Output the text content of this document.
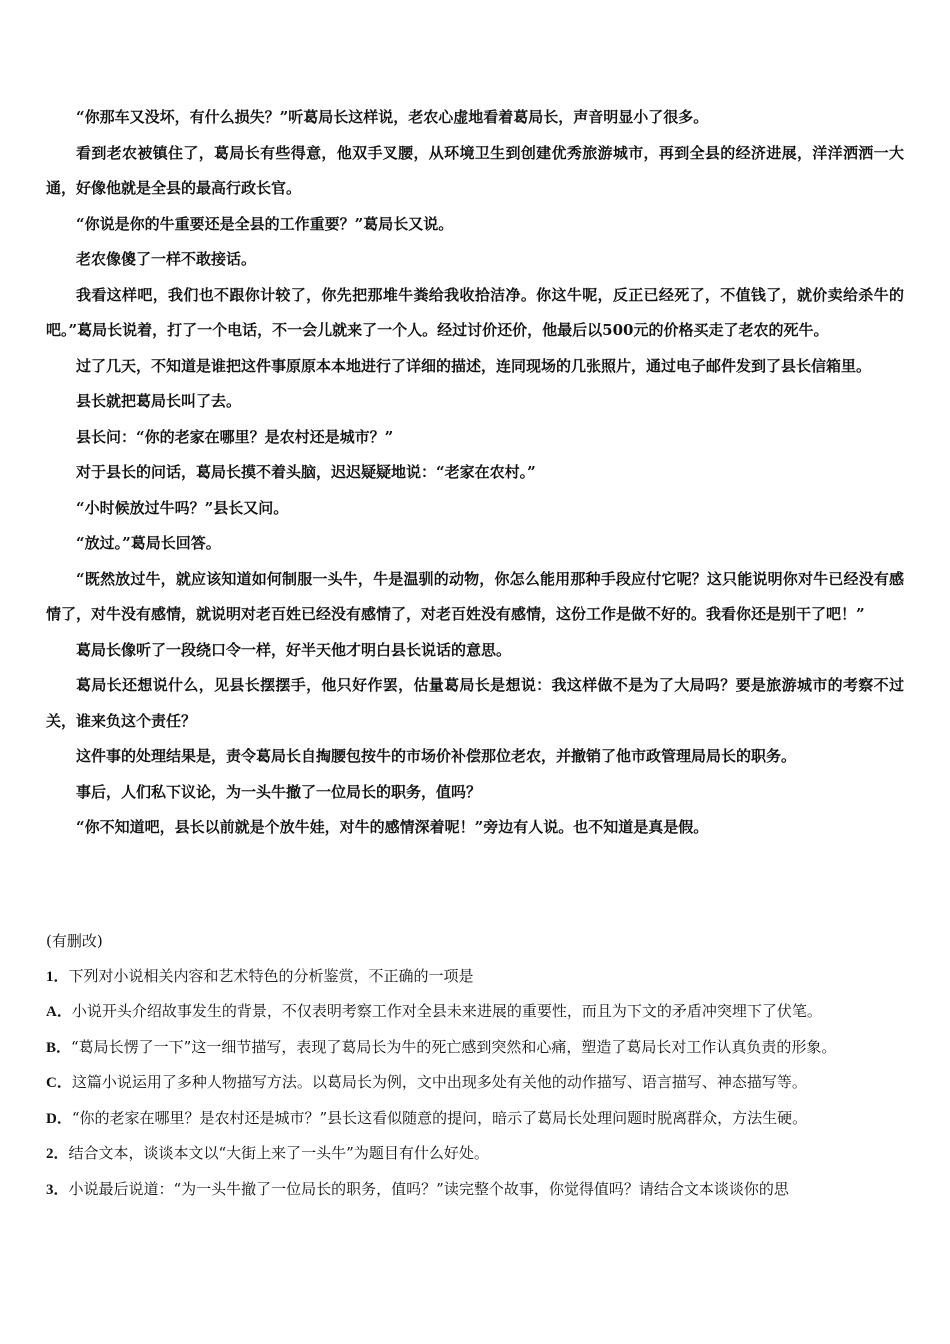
“你那车又没坏，有什么损失？”听葛局长这样说，老农心虚地看着葛局长，声音明显小了很多。

看到老农被镇住了，葛局长有些得意，他双手叉腰，从环境卫生到创建优秀旅游城市，再到全县的经济进展，洋洋洒洒一大通，好像他就是全县的最高行政长官。

“你说是你的牛重要还是全县的工作重要？”葛局长又说。

老农像傻了一样不敢接话。

我看这样吧，我们也不跟你计较了，你先把那堆牛粪给我收拾洁净。你这牛呢，反正已经死了，不值钱了，就价卖给杀牛的吧。”葛局长说着，打了一个电话，不一会儿就来了一个人。经过讨价还价，他最后以500元的价格买走了老农的死牛。

过了几天，不知道是谁把这件事原原本本地进行了详细的描述，连同现场的几张照片，通过电子邮件发到了县长信箱里。

县长就把葛局长叫了去。

县长问：“你的老家在哪里？是农村还是城市？”

对于县长的问话，葛局长摸不着头脑，迟迟疑疑地说：“老家在农村。”

“小时候放过牛吗？”县长又问。

“放过。”葛局长回答。

“既然放过牛，就应该知道如何制服一头牛，牛是温驯的动物，你怎么能用那种手段应付它呢？这只能说明你对牛已经没有感情了，对牛没有感情，就说明对老百姓已经没有感情了，对老百姓没有感情，这份工作是做不好的。我看你还是别干了吧！”

葛局长像听了一段绕口令一样，好半天他才明白县长说话的意思。

葛局长还想说什么，见县长摆摆手，他只好作罢，估量葛局长是想说：我这样做不是为了大局吗？要是旅游城市的考察不过关，谁来负这个责任？

这件事的处理结果是，责令葛局长自掏腰包按牛的市场价补偿那位老农，并撤销了他市政管理局局长的职务。

事后，人们私下议论，为一头牛撤了一位局长的职务，值吗？

“你不知道吧，县长以前就是个放牛娃，对牛的感情深着呢！”旁边有人说。也不知道是真是假。

(有删改)

1．下列对小说相关内容和艺术特色的分析鉴赏，不正确的一项是

A．小说开头介绍故事发生的背景，不仅表明考察工作对全县未来进展的重要性，而且为下文的矛盾冲突埋下了伏笔。

B．“葛局长愣了一下”这一细节描写，表现了葛局长为牛的死亡感到突然和心痛，塑造了葛局长对工作认真负责的形象。

C．这篇小说运用了多种人物描写方法。以葛局长为例，文中出现多处有关他的动作描写、语言描写、神态描写等。

D．“你的老家在哪里？是农村还是城市？”县长这看似随意的提问，暗示了葛局长处理问题时脱离群众，方法生硬。

2．结合文本，谈谈本文以“大街上来了一头牛”为题目有什么好处。

3．小说最后说道：“为一头牛撤了一位局长的职务，值吗？”读完整个故事，你觉得值吗？请结合文本谈谈你的思
